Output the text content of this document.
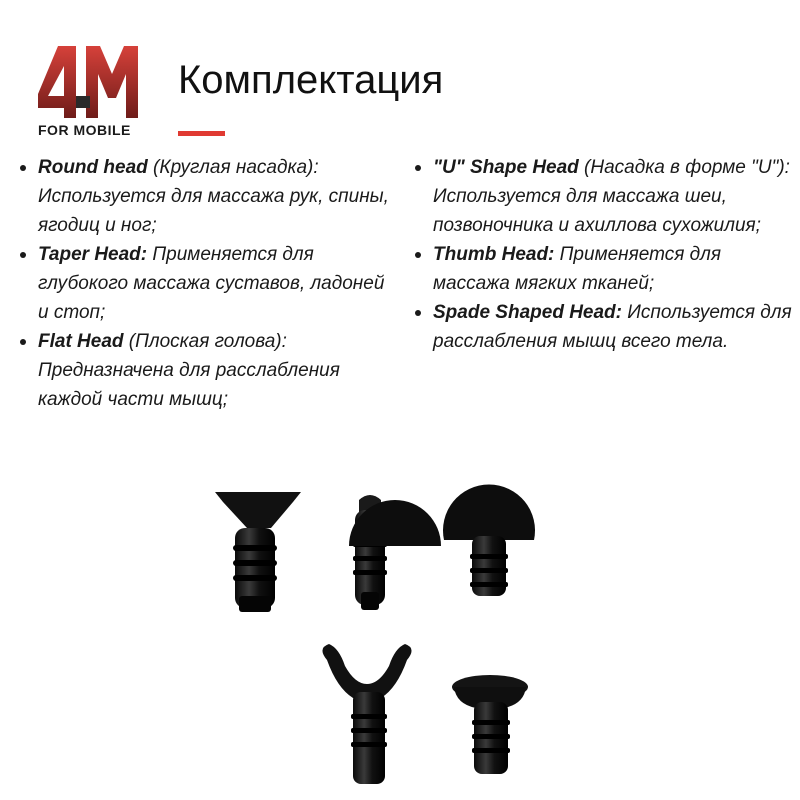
FOR MOBILE
Комплектация
Round head (Круглая насадка): Используется для массажа рук, спины, ягодиц и ног;
Taper Head: Применяется для глубокого массажа суставов, ладоней и стоп;
Flat Head (Плоская голова): Предназначена для расслабления каждой части мышц;
"U" Shape Head (Насадка в форме "U"): Используется для массажа шеи, позвоночника и ахиллова сухожилия;
Thumb Head: Применяется для массажа мягких тканей;
Spade Shaped Head: Используется для расслабления мышц всего тела.
